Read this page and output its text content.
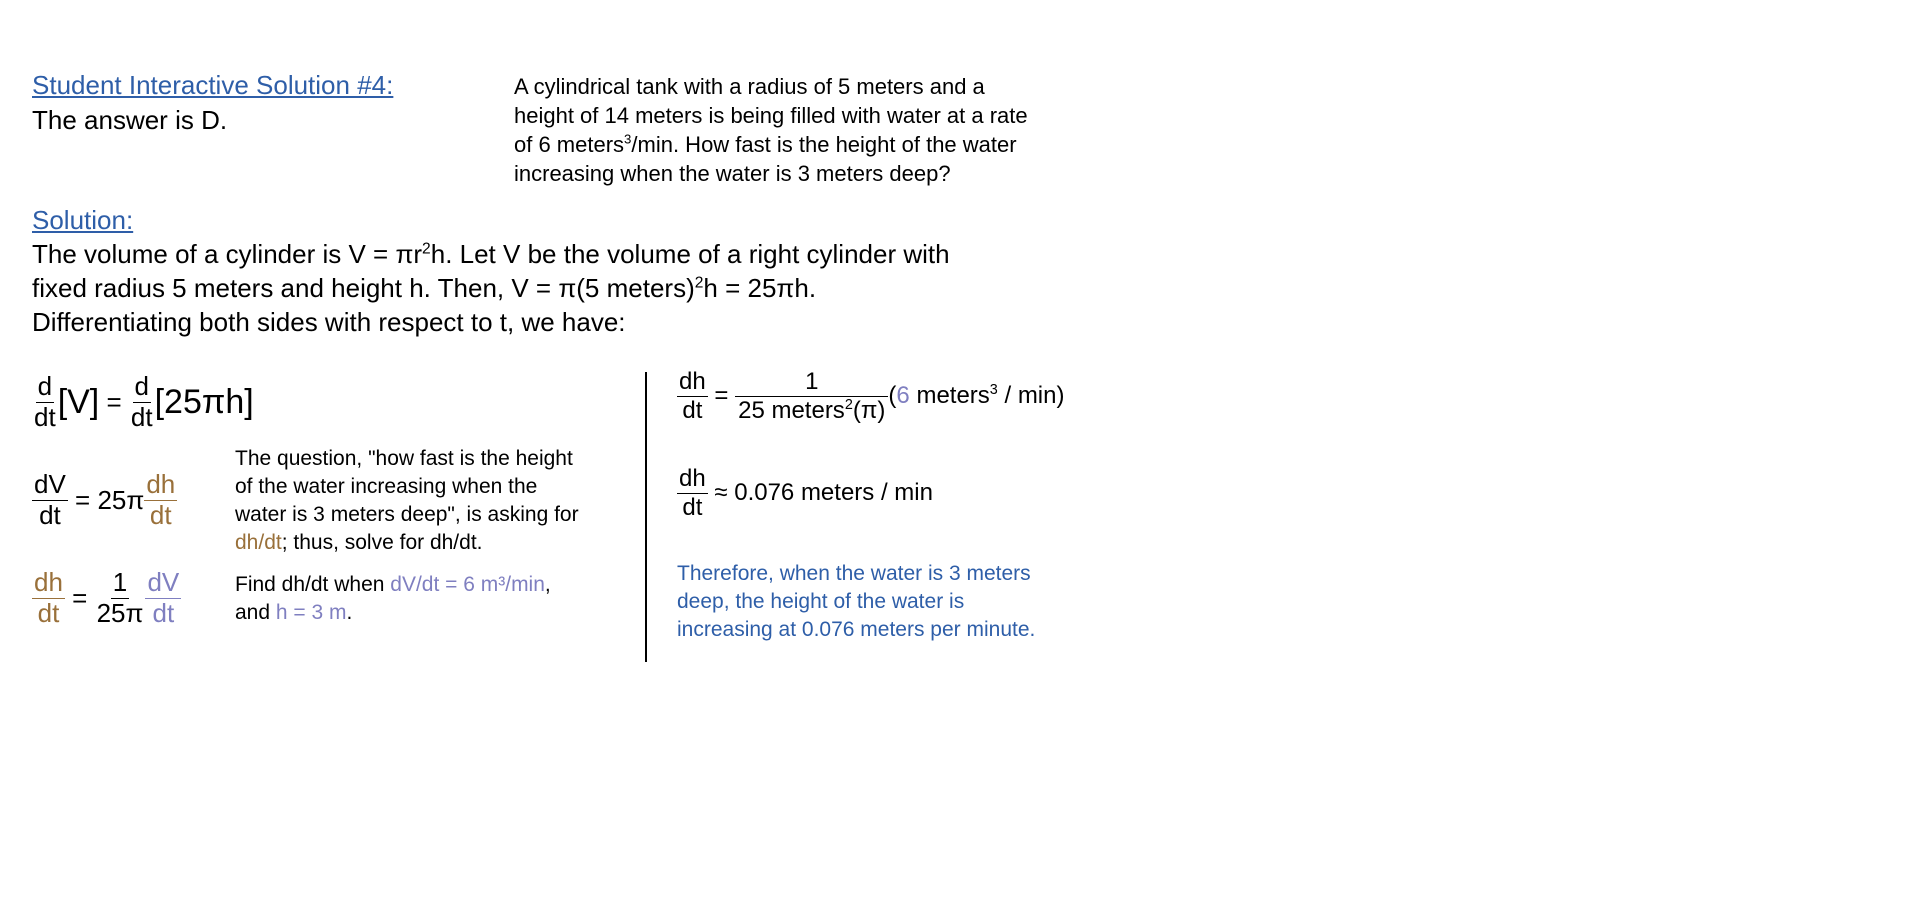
Student Interactive Solution #4:
The answer is D.
A cylindrical tank with a radius of 5 meters and a
height of 14 meters is being filled with water at a rate
of 6 meters$^3$/min. How fast is the height of the water
increasing when the water is 3 meters deep?
Solution:
The volume of a cylinder is $V = \pi r^2h$. Let V be the volume of a right cylinder with
fixed radius 5 meters and height h. Then, V = π(5 meters)$^2$h = 25πh.
Differentiating both sides with respect to t, we have:
$\frac{d}{dt} [V] = \frac{d}{dt} [25\pi h]$
$\frac{dV}{dt} = 25\pi \frac{dh}{dt}$
$\frac{dh}{dt} = \frac{1}{25\pi} \frac{dV}{dt}$
The question, "how fast is the height
of the water increasing when the
water is 3 meters deep", is asking for
dh/dt; thus, solve for dh/dt.
Find dh/dt when dV/dt = 6 m³/min,
and h = 3 m.
$\frac{dh}{dt} = \frac{1}{25 meters^2(\pi)} (6$ meters$^3$ / min)
$\frac{dh}{dt} \approx 0.076$ meters / min
Therefore, when the water is 3 meters
deep, the height of the water is
increasing at 0.076 meters per minute.
